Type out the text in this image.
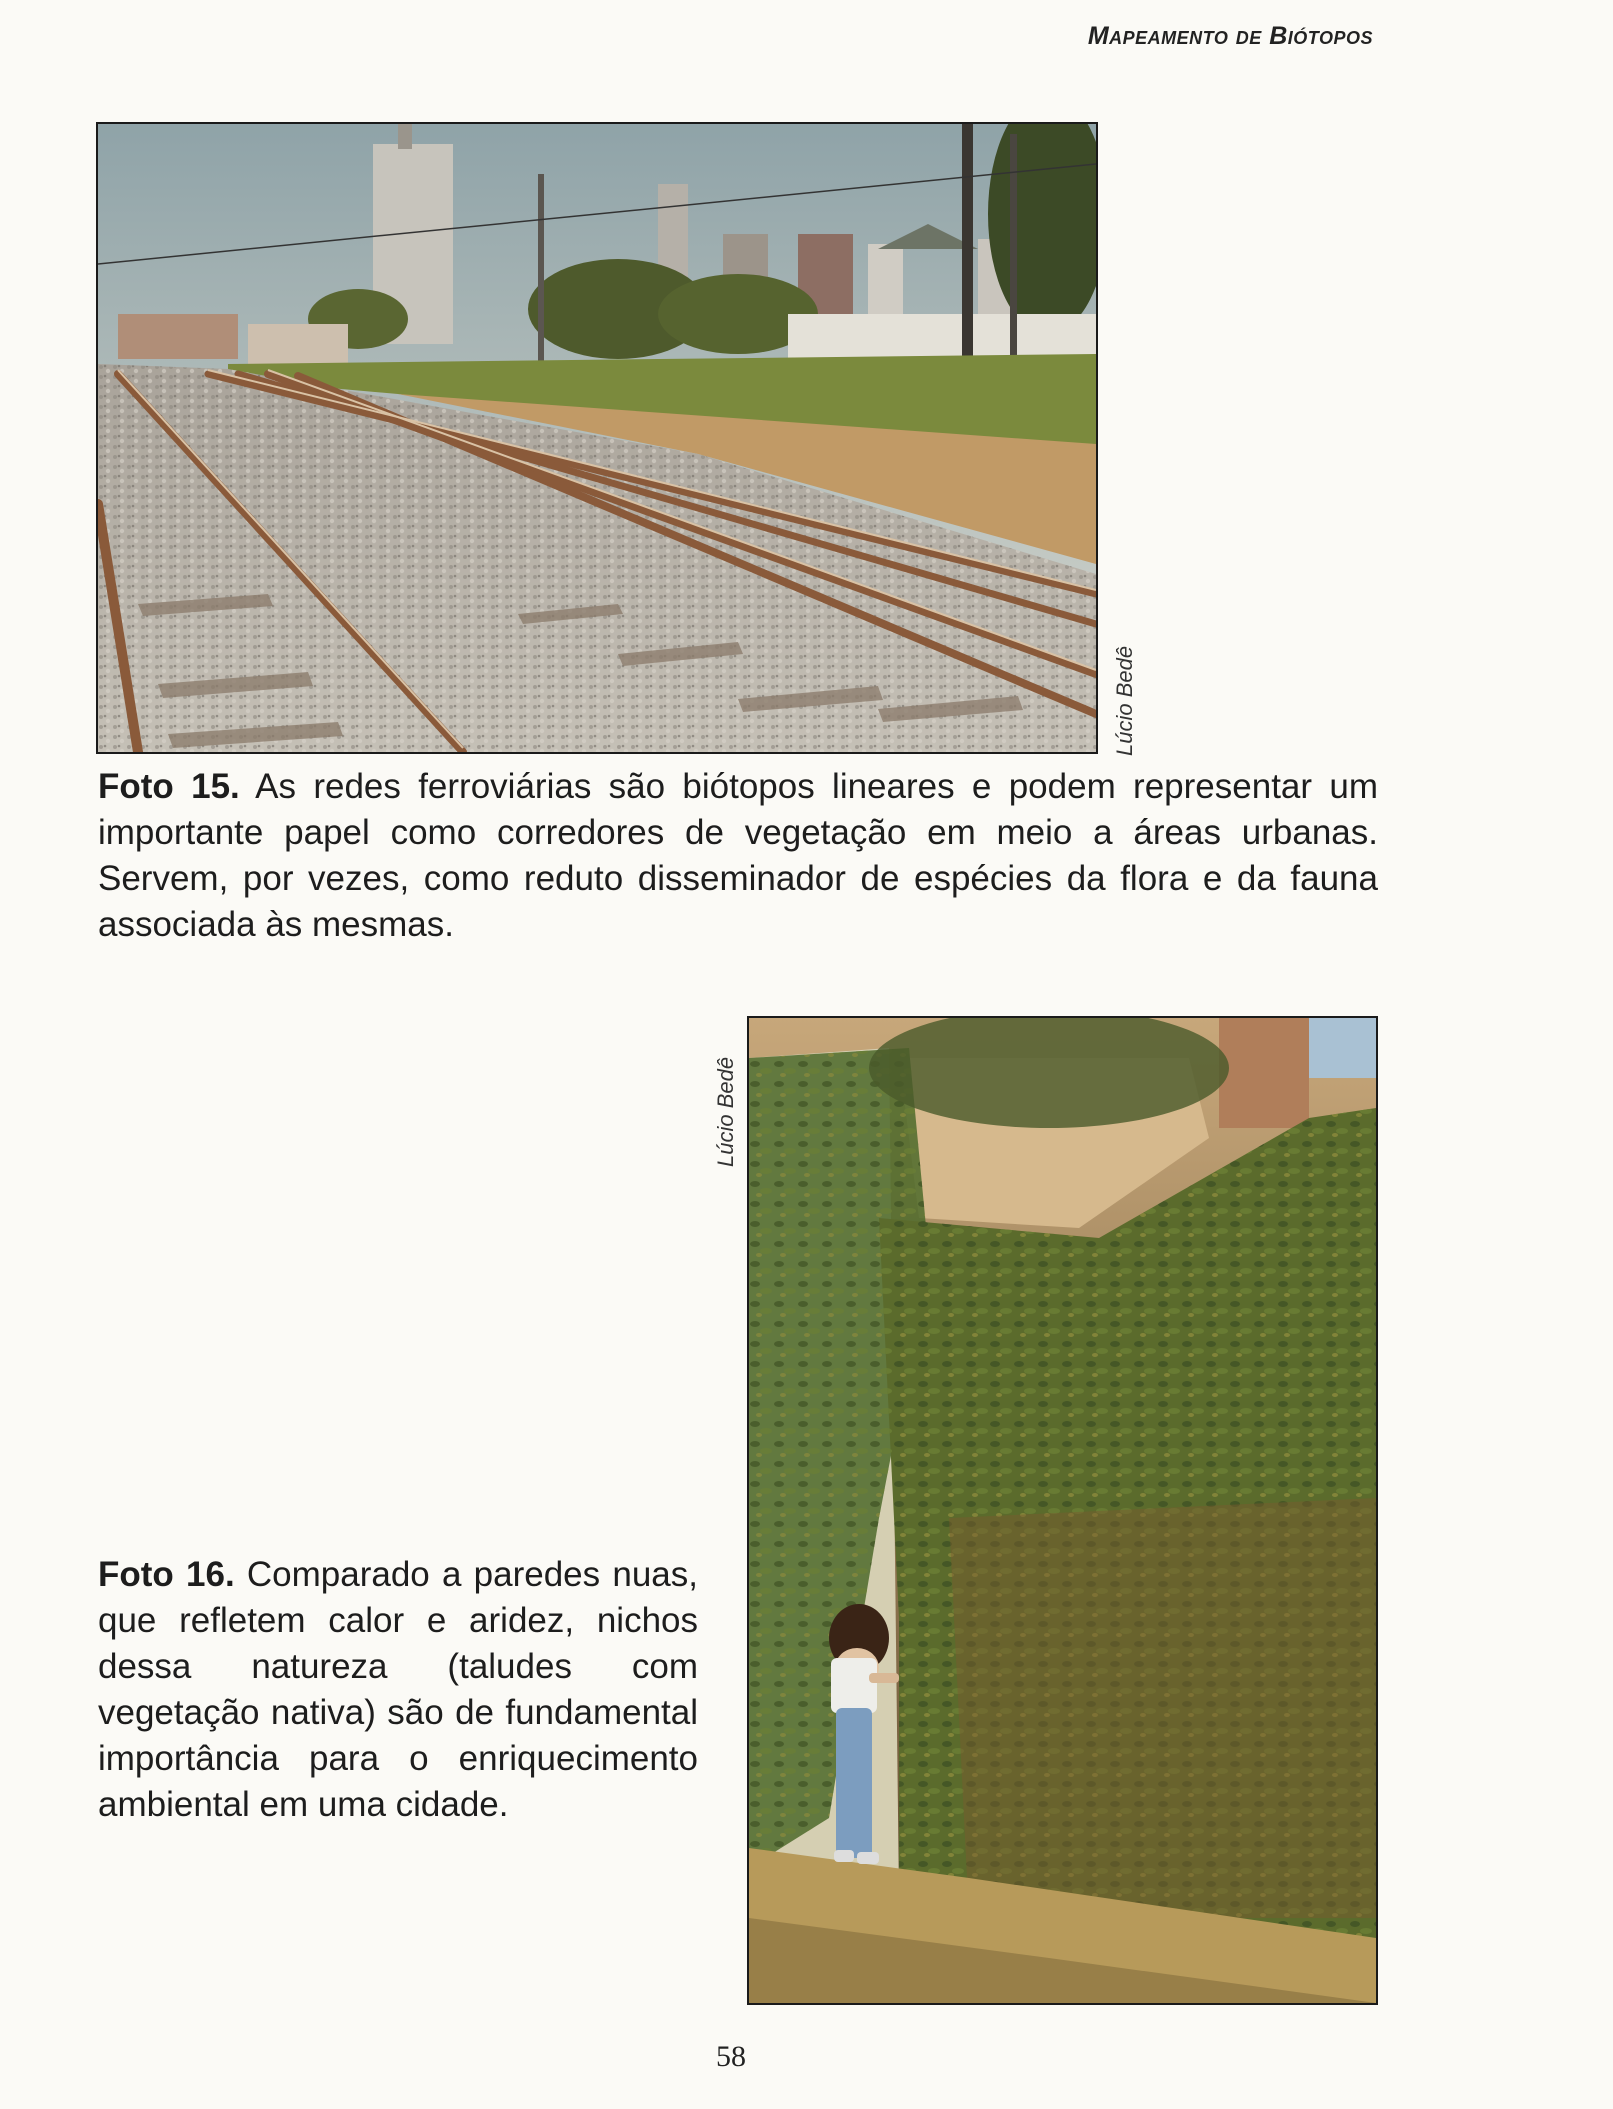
Mapeamento de Biótopos
Lúcio Bedê

Foto 15. As redes ferroviárias são biótopos lineares e podem representar um importante papel como corredores de vegetação em meio a áreas urbanas. Servem, por vezes, como reduto disseminador de espécies da flora e da fauna associada às mesmas.

Lúcio Bedê

Foto 16. Comparado a paredes nuas, que refletem calor e aridez, nichos dessa natureza (taludes com vegetação nativa) são de fundamental importância para o enriquecimento ambiental em uma cidade.

58
